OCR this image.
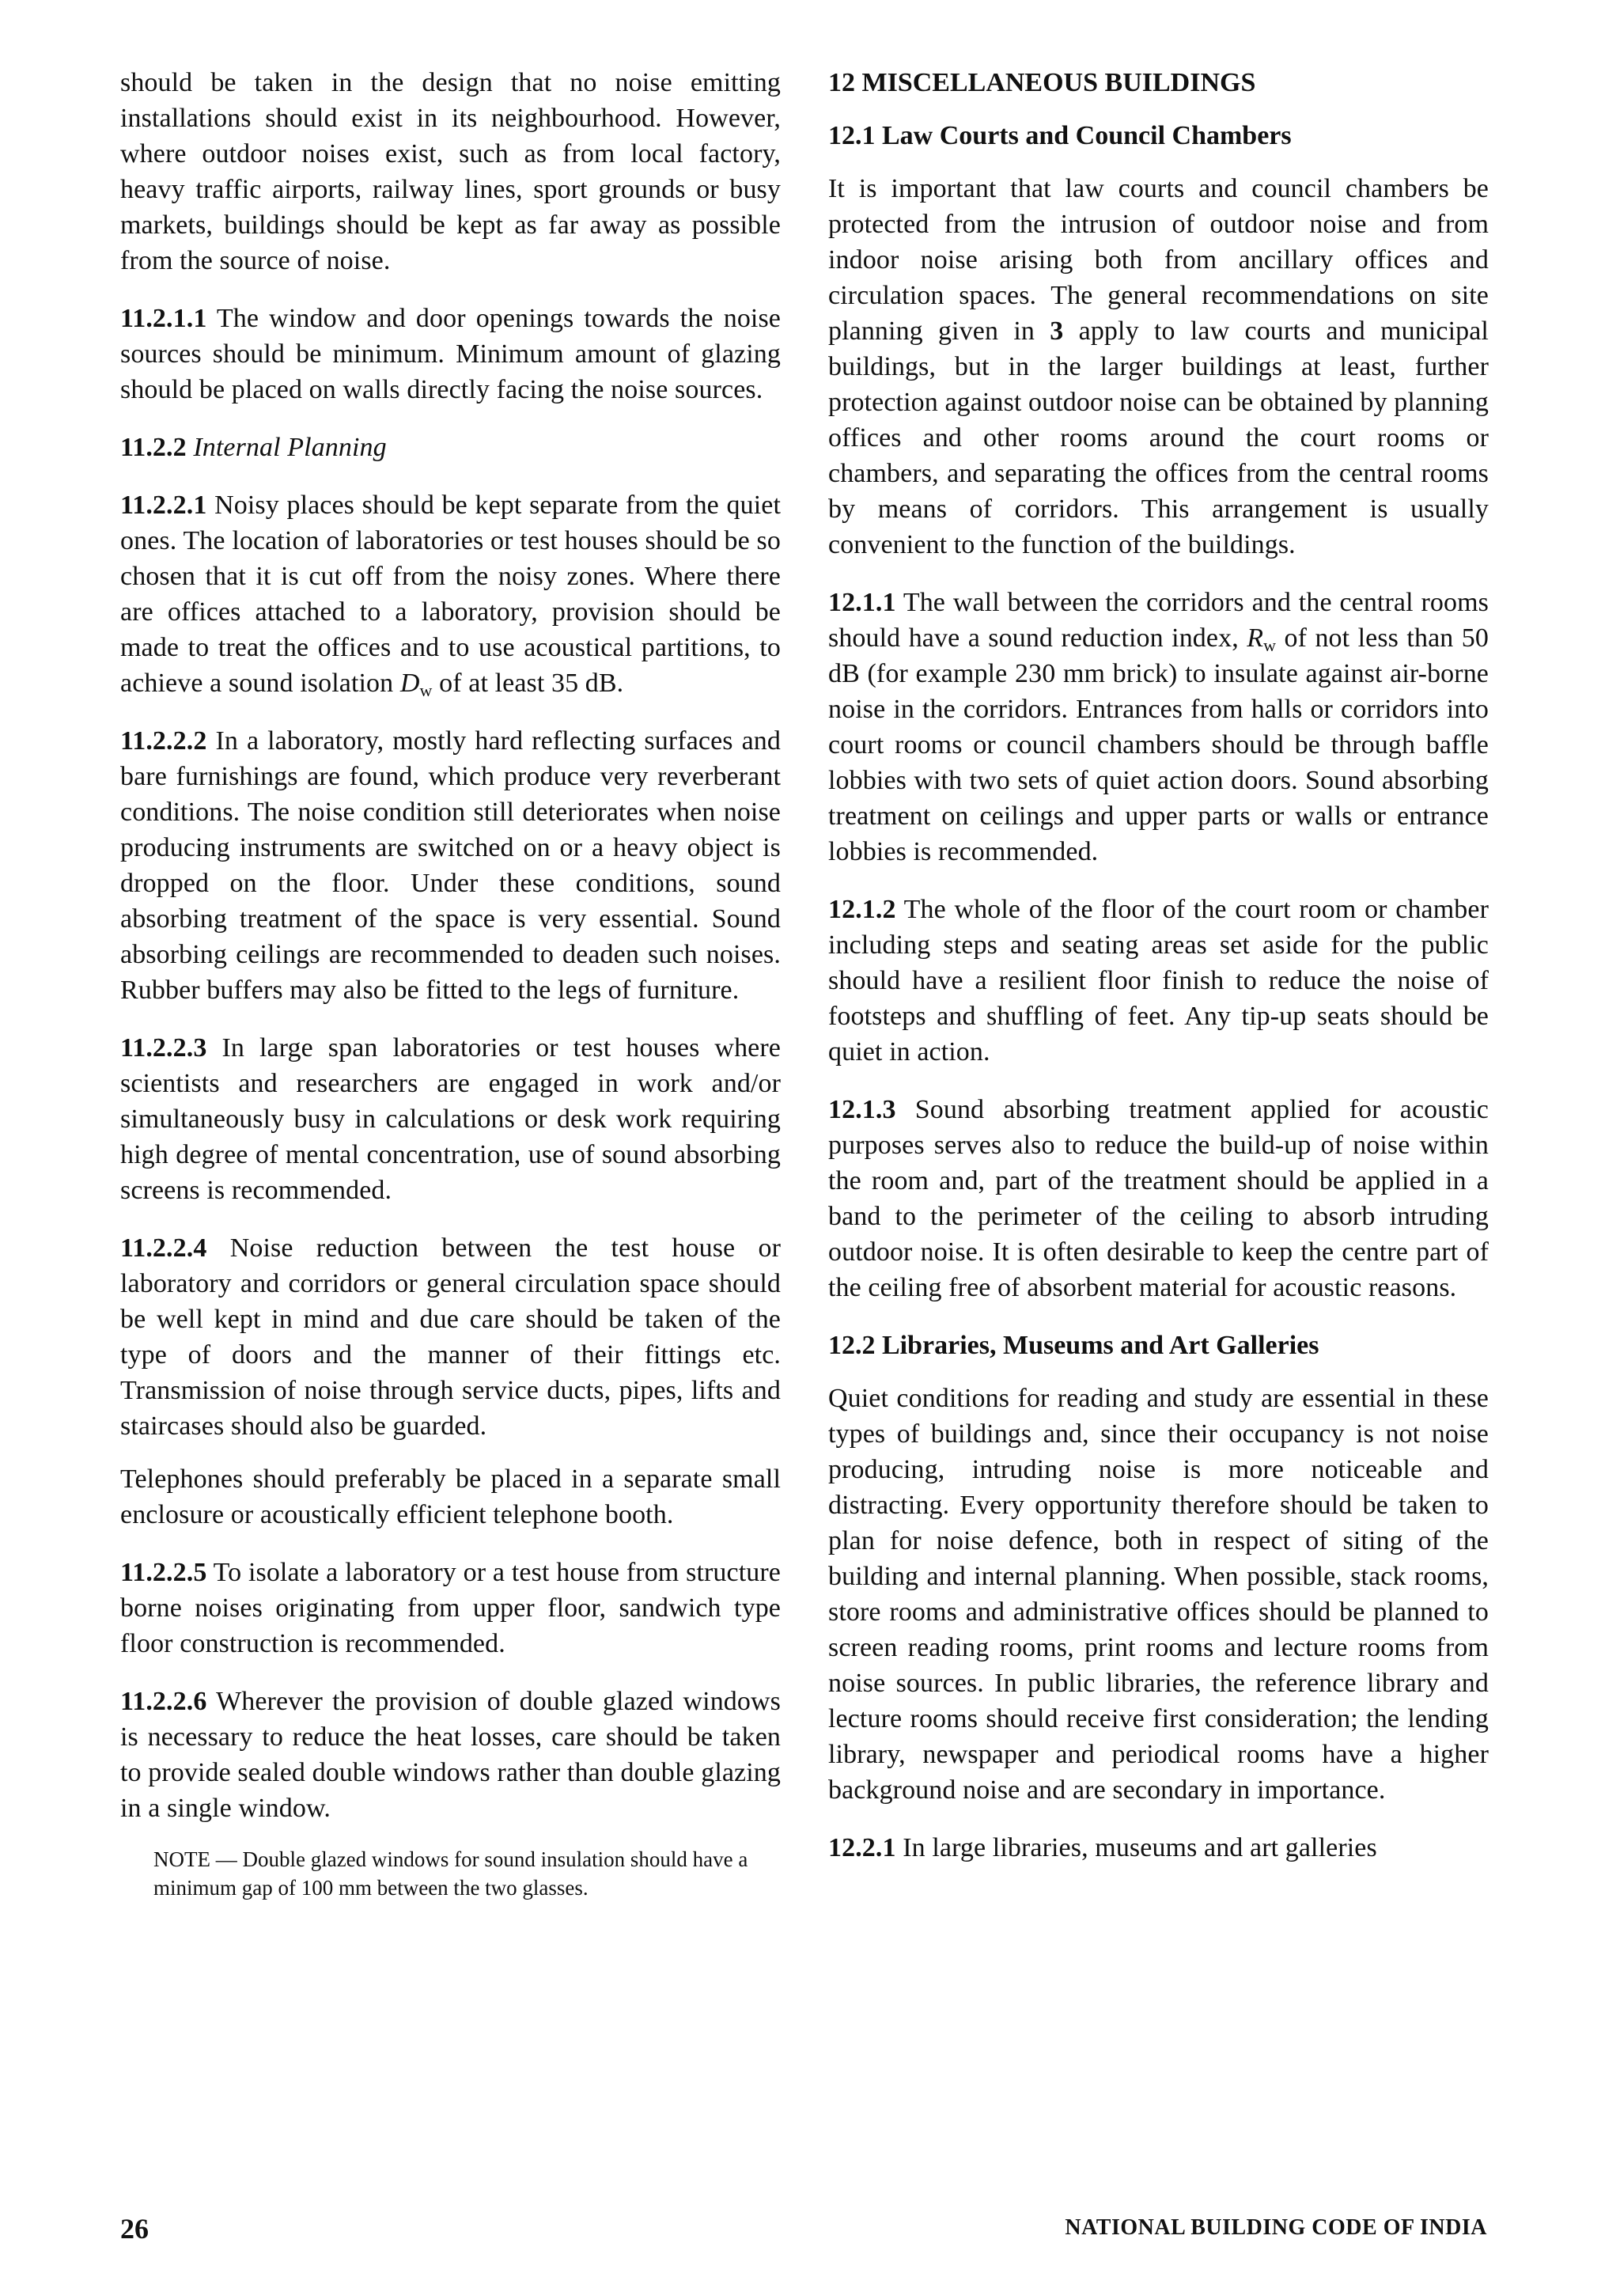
should be taken in the design that no noise emitting installations should exist in its neighbourhood. However, where outdoor noises exist, such as from local factory, heavy traffic airports, railway lines, sport grounds or busy markets, buildings should be kept as far away as possible from the source of noise.

11.2.1.1 The window and door openings towards the noise sources should be minimum. Minimum amount of glazing should be placed on walls directly facing the noise sources.

11.2.2 Internal Planning

11.2.2.1 Noisy places should be kept separate from the quiet ones. The location of laboratories or test houses should be so chosen that it is cut off from the noisy zones. Where there are offices attached to a laboratory, provision should be made to treat the offices and to use acoustical partitions, to achieve a sound isolation $D_w$ of at least 35 dB.

11.2.2.2 In a laboratory, mostly hard reflecting surfaces and bare furnishings are found, which produce very reverberant conditions. The noise condition still deteriorates when noise producing instruments are switched on or a heavy object is dropped on the floor. Under these conditions, sound absorbing treatment of the space is very essential. Sound absorbing ceilings are recommended to deaden such noises. Rubber buffers may also be fitted to the legs of furniture.

11.2.2.3 In large span laboratories or test houses where scientists and researchers are engaged in work and/or simultaneously busy in calculations or desk work requiring high degree of mental concentration, use of sound absorbing screens is recommended.

11.2.2.4 Noise reduction between the test house or laboratory and corridors or general circulation space should be well kept in mind and due care should be taken of the type of doors and the manner of their fittings etc. Transmission of noise through service ducts, pipes, lifts and staircases should also be guarded.

Telephones should preferably be placed in a separate small enclosure or acoustically efficient telephone booth.

11.2.2.5 To isolate a laboratory or a test house from structure borne noises originating from upper floor, sandwich type floor construction is recommended.

11.2.2.6 Wherever the provision of double glazed windows is necessary to reduce the heat losses, care should be taken to provide sealed double windows rather than double glazing in a single window.

NOTE — Double glazed windows for sound insulation should have a minimum gap of 100 mm between the two glasses.

12 MISCELLANEOUS BUILDINGS
12.1 Law Courts and Council Chambers

It is important that law courts and council chambers be protected from the intrusion of outdoor noise and from indoor noise arising both from ancillary offices and circulation spaces. The general recommendations on site planning given in 3 apply to law courts and municipal buildings, but in the larger buildings at least, further protection against outdoor noise can be obtained by planning offices and other rooms around the court rooms or chambers, and separating the offices from the central rooms by means of corridors. This arrangement is usually convenient to the function of the buildings.

12.1.1 The wall between the corridors and the central rooms should have a sound reduction index, $R_w$ of not less than 50 dB (for example 230 mm brick) to insulate against air-borne noise in the corridors. Entrances from halls or corridors into court rooms or council chambers should be through baffle lobbies with two sets of quiet action doors. Sound absorbing treatment on ceilings and upper parts or walls or entrance lobbies is recommended.

12.1.2 The whole of the floor of the court room or chamber including steps and seating areas set aside for the public should have a resilient floor finish to reduce the noise of footsteps and shuffling of feet. Any tip-up seats should be quiet in action.

12.1.3 Sound absorbing treatment applied for acoustic purposes serves also to reduce the build-up of noise within the room and, part of the treatment should be applied in a band to the perimeter of the ceiling to absorb intruding outdoor noise. It is often desirable to keep the centre part of the ceiling free of absorbent material for acoustic reasons.

12.2 Libraries, Museums and Art Galleries

Quiet conditions for reading and study are essential in these types of buildings and, since their occupancy is not noise producing, intruding noise is more noticeable and distracting. Every opportunity therefore should be taken to plan for noise defence, both in respect of siting of the building and internal planning. When possible, stack rooms, store rooms and administrative offices should be planned to screen reading rooms, print rooms and lecture rooms from noise sources. In public libraries, the reference library and lecture rooms should receive first consideration; the lending library, newspaper and periodical rooms have a higher background noise and are secondary in importance.

12.2.1 In large libraries, museums and art galleries

26	NATIONAL BUILDING CODE OF INDIA
